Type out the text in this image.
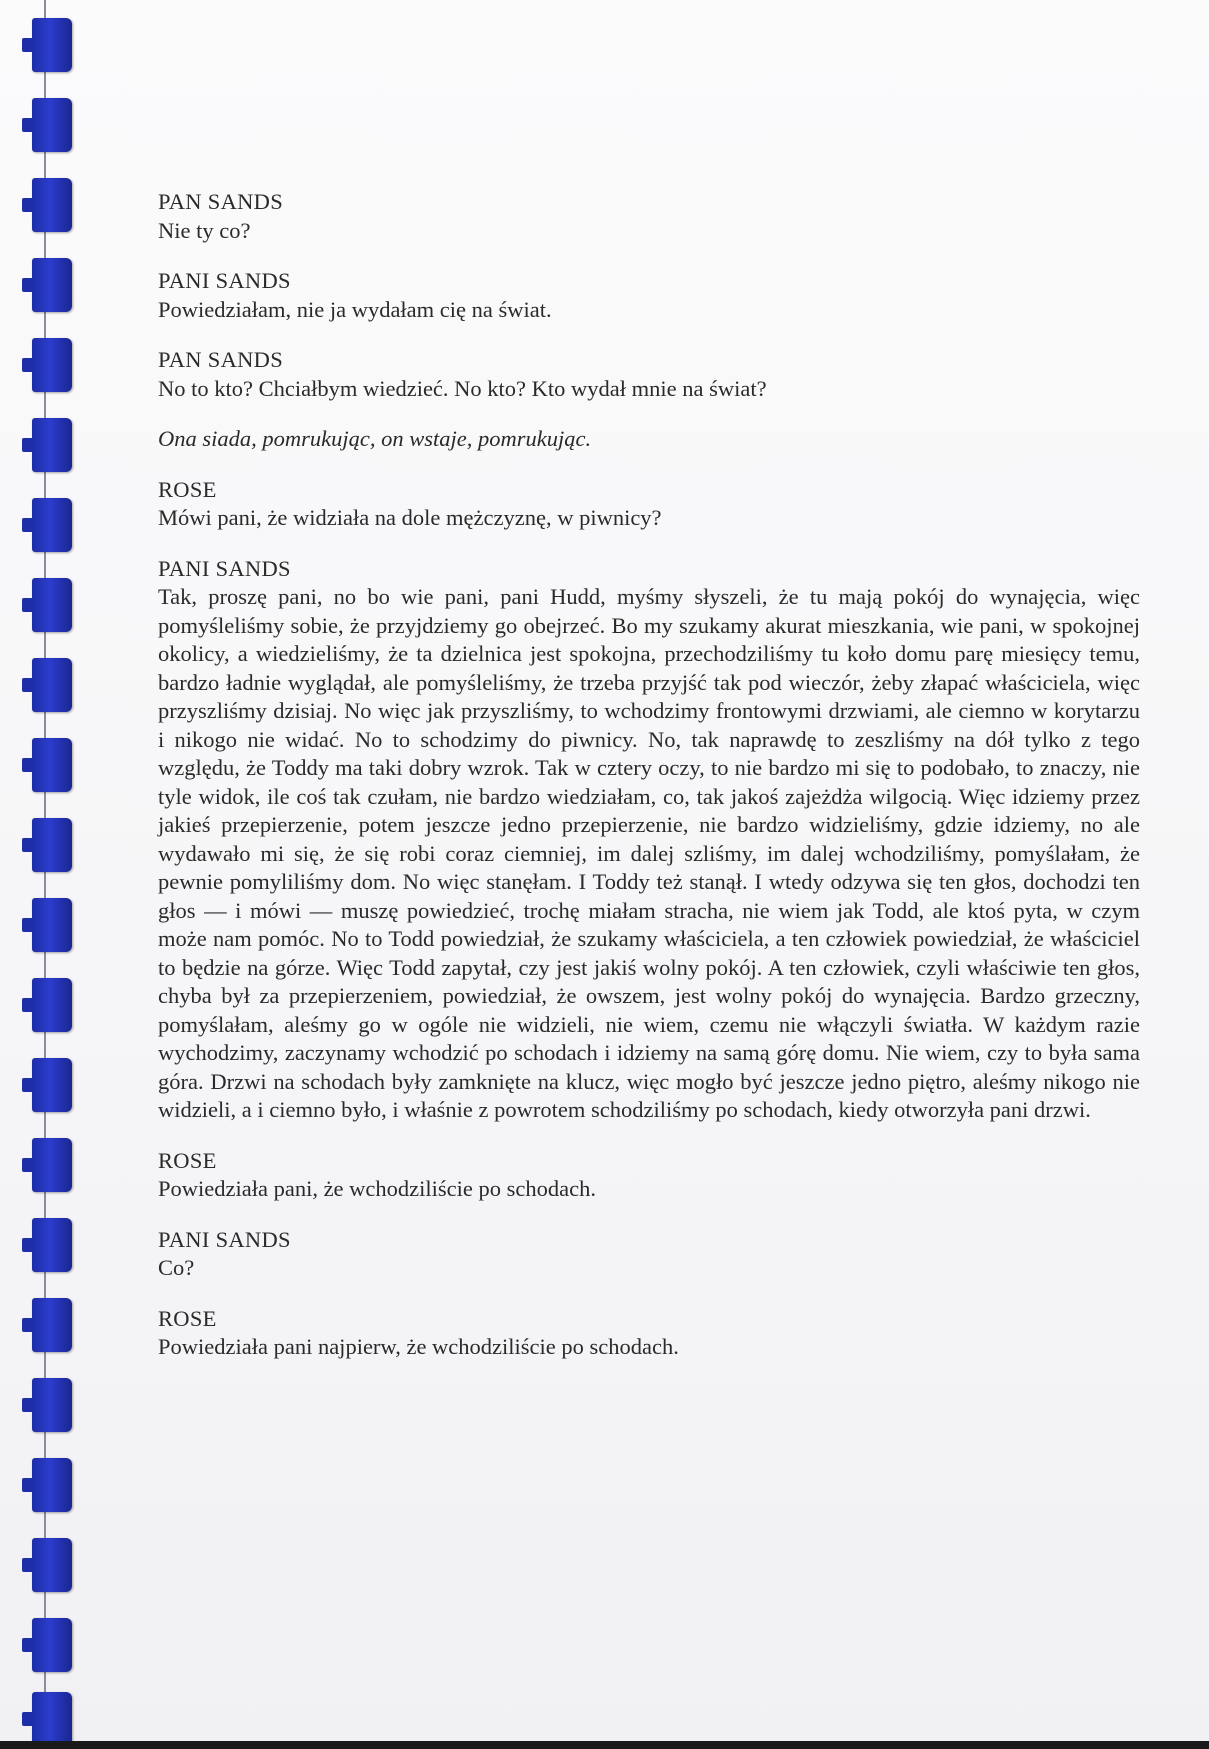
PAN SANDS
Nie ty co?
PANI SANDS
Powiedziałam, nie ja wydałam cię na świat.
PAN SANDS
No to kto? Chciałbym wiedzieć. No kto? Kto wydał mnie na świat?
Ona siada, pomrukując, on wstaje, pomrukując.
ROSE
Mówi pani, że widziała na dole mężczyznę, w piwnicy?
PANI SANDS
Tak, proszę pani, no bo wie pani, pani Hudd, myśmy słyszeli, że tu mają pokój do wynajęcia, więc pomyśleliśmy sobie, że przyjdziemy go obejrzeć. Bo my szukamy akurat mieszkania, wie pani, w spokojnej okolicy, a wiedzieliśmy, że ta dzielnica jest spokojna, przechodziliśmy tu koło domu parę miesięcy temu, bardzo ładnie wyglądał, ale pomyśleliśmy, że trzeba przyjść tak pod wieczór, żeby złapać właściciela, więc przyszliśmy dzisiaj. No więc jak przyszliśmy, to wchodzimy frontowymi drzwiami, ale ciemno w korytarzu i nikogo nie widać. No to schodzimy do piwnicy. No, tak naprawdę to zeszliśmy na dół tylko z tego względu, że Toddy ma taki dobry wzrok. Tak w cztery oczy, to nie bardzo mi się to podobało, to znaczy, nie tyle widok, ile coś tak czułam, nie bardzo wiedziałam, co, tak jakoś zajeżdża wilgocią. Więc idziemy przez jakieś przepierzenie, potem jeszcze jedno przepierzenie, nie bardzo widzieliśmy, gdzie idziemy, no ale wydawało mi się, że się robi coraz ciemniej, im dalej szliśmy, im dalej wchodziliśmy, pomyślałam, że pewnie pomyliliśmy dom. No więc stanęłam. I Toddy też stanął. I wtedy odzywa się ten głos, dochodzi ten głos — i mówi — muszę powiedzieć, trochę miałam stracha, nie wiem jak Todd, ale ktoś pyta, w czym może nam pomóc. No to Todd powiedział, że szukamy właściciela, a ten człowiek powiedział, że właściciel to będzie na górze. Więc Todd zapytał, czy jest jakiś wolny pokój. A ten człowiek, czyli właściwie ten głos, chyba był za przepierzeniem, powiedział, że owszem, jest wolny pokój do wynajęcia. Bardzo grzeczny, pomyślałam, aleśmy go w ogóle nie widzieli, nie wiem, czemu nie włączyli światła. W każdym razie wychodzimy, zaczynamy wchodzić po schodach i idziemy na samą górę domu. Nie wiem, czy to była sama góra. Drzwi na schodach były zamknięte na klucz, więc mogło być jeszcze jedno piętro, aleśmy nikogo nie widzieli, a i ciemno było, i właśnie z powrotem schodziliśmy po schodach, kiedy otworzyła pani drzwi.
ROSE
Powiedziała pani, że wchodziliście po schodach.
PANI SANDS
Co?
ROSE
Powiedziała pani najpierw, że wchodziliście po schodach.
